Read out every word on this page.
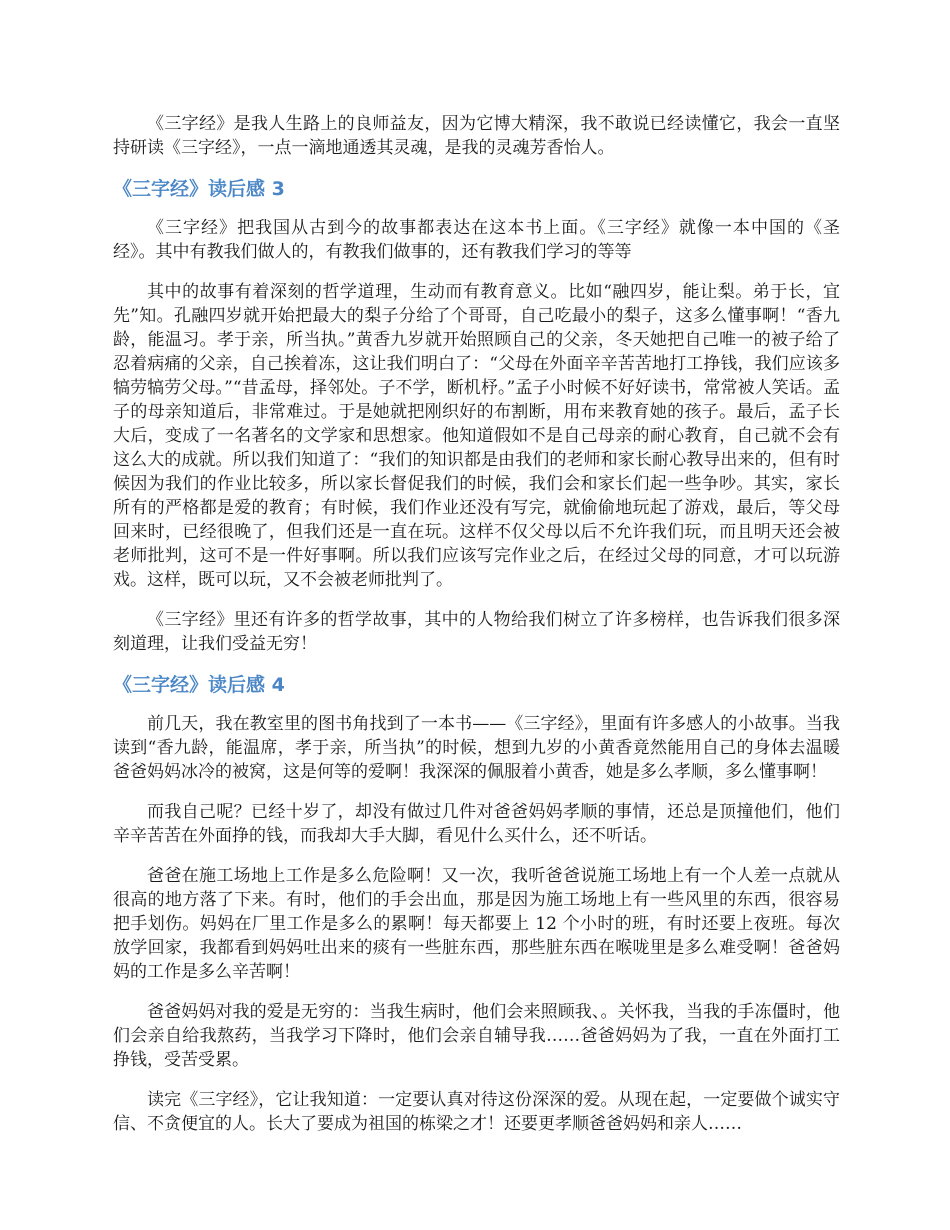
《三字经》是我人生路上的良师益友，因为它博大精深，我不敢说已经读懂它，我会一直坚持研读《三字经》，一点一滴地通透其灵魂，是我的灵魂芳香怡人。

《三字经》读后感 3

《三字经》把我国从古到今的故事都表达在这本书上面。《三字经》就像一本中国的《圣经》。其中有教我们做人的，有教我们做事的，还有教我们学习的等等

其中的故事有着深刻的哲学道理，生动而有教育意义。比如“融四岁，能让梨。弟于长，宜先”知。孔融四岁就开始把最大的梨子分给了个哥哥，自己吃最小的梨子，这多么懂事啊！“香九龄，能温习。孝于亲，所当执。”黄香九岁就开始照顾自己的父亲，冬天她把自己唯一的被子给了忍着病痛的父亲，自己挨着冻，这让我们明白了：“父母在外面辛辛苦苦地打工挣钱，我们应该多犒劳犒劳父母。”“昔孟母，择邻处。子不学，断机杼。”孟子小时候不好好读书，常常被人笑话。孟子的母亲知道后，非常难过。于是她就把刚织好的布割断，用布来教育她的孩子。最后，孟子长大后，变成了一名著名的文学家和思想家。他知道假如不是自己母亲的耐心教育，自己就不会有这么大的成就。所以我们知道了：“我们的知识都是由我们的老师和家长耐心教导出来的，但有时候因为我们的作业比较多，所以家长督促我们的时候，我们会和家长们起一些争吵。其实，家长所有的严格都是爱的教育；有时候，我们作业还没有写完，就偷偷地玩起了游戏，最后，等父母回来时，已经很晚了，但我们还是一直在玩。这样不仅父母以后不允许我们玩，而且明天还会被老师批判，这可不是一件好事啊。所以我们应该写完作业之后，在经过父母的同意，才可以玩游戏。这样，既可以玩，又不会被老师批判了。

《三字经》里还有许多的哲学故事，其中的人物给我们树立了许多榜样，也告诉我们很多深刻道理，让我们受益无穷！

《三字经》读后感 4

前几天，我在教室里的图书角找到了一本书——《三字经》，里面有许多感人的小故事。当我读到“香九龄，能温席，孝于亲，所当执”的时候，想到九岁的小黄香竟然能用自己的身体去温暖爸爸妈妈冰冷的被窝，这是何等的爱啊！我深深的佩服着小黄香，她是多么孝顺，多么懂事啊！

而我自己呢？已经十岁了，却没有做过几件对爸爸妈妈孝顺的事情，还总是顶撞他们，他们辛辛苦苦在外面挣的钱，而我却大手大脚，看见什么买什么，还不听话。

爸爸在施工场地上工作是多么危险啊！又一次，我听爸爸说施工场地上有一个人差一点就从很高的地方落了下来。有时，他们的手会出血，那是因为施工场地上有一些风里的东西，很容易把手划伤。妈妈在厂里工作是多么的累啊！每天都要上 12 个小时的班，有时还要上夜班。每次放学回家，我都看到妈妈吐出来的痰有一些脏东西，那些脏东西在喉咙里是多么难受啊！爸爸妈妈的工作是多么辛苦啊！

爸爸妈妈对我的爱是无穷的：当我生病时，他们会来照顾我、。关怀我，当我的手冻僵时，他们会亲自给我熬药，当我学习下降时，他们会亲自辅导我……爸爸妈妈为了我，一直在外面打工挣钱，受苦受累。

读完《三字经》，它让我知道：一定要认真对待这份深深的爱。从现在起，一定要做个诚实守信、不贪便宜的人。长大了要成为祖国的栋梁之才！还要更孝顺爸爸妈妈和亲人……
